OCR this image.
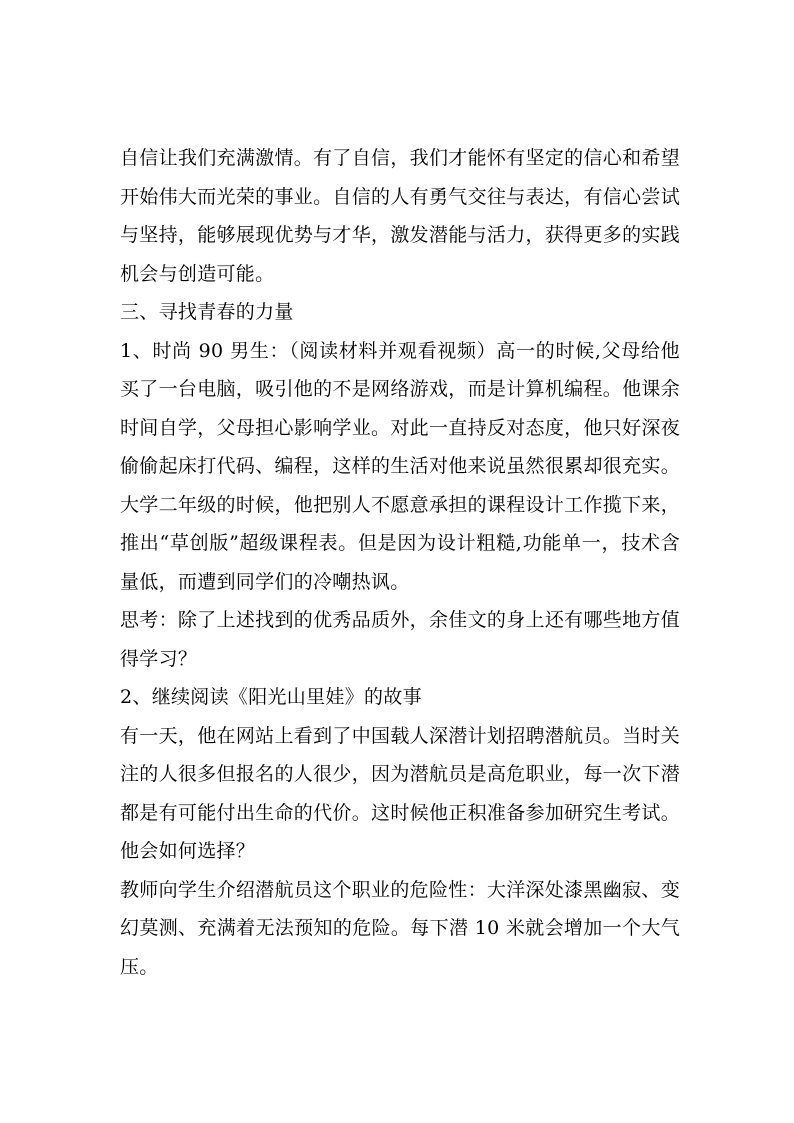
自信让我们充满激情。有了自信，我们才能怀有坚定的信心和希望开始伟大而光荣的事业。自信的人有勇气交往与表达，有信心尝试与坚持，能够展现优势与才华，激发潜能与活力，获得更多的实践机会与创造可能。

三、寻找青春的力量

1、时尚 90 男生：（阅读材料并观看视频）高一的时候,父母给他买了一台电脑，吸引他的不是网络游戏，而是计算机编程。他课余时间自学，父母担心影响学业。对此一直持反对态度，他只好深夜偷偷起床打代码、编程，这样的生活对他来说虽然很累却很充实。大学二年级的时候，他把别人不愿意承担的课程设计工作揽下来，推出“草创版”超级课程表。但是因为设计粗糙,功能单一，技术含量低，而遭到同学们的冷嘲热讽。

思考：除了上述找到的优秀品质外，余佳文的身上还有哪些地方值得学习？

2、继续阅读《阳光山里娃》的故事

有一天，他在网站上看到了中国载人深潜计划招聘潜航员。当时关注的人很多但报名的人很少，因为潜航员是高危职业，每一次下潜都是有可能付出生命的代价。这时候他正积准备参加研究生考试。他会如何选择？

教师向学生介绍潜航员这个职业的危险性：大洋深处漆黑幽寂、变幻莫测、充满着无法预知的危险。每下潜 10 米就会增加一个大气压。
